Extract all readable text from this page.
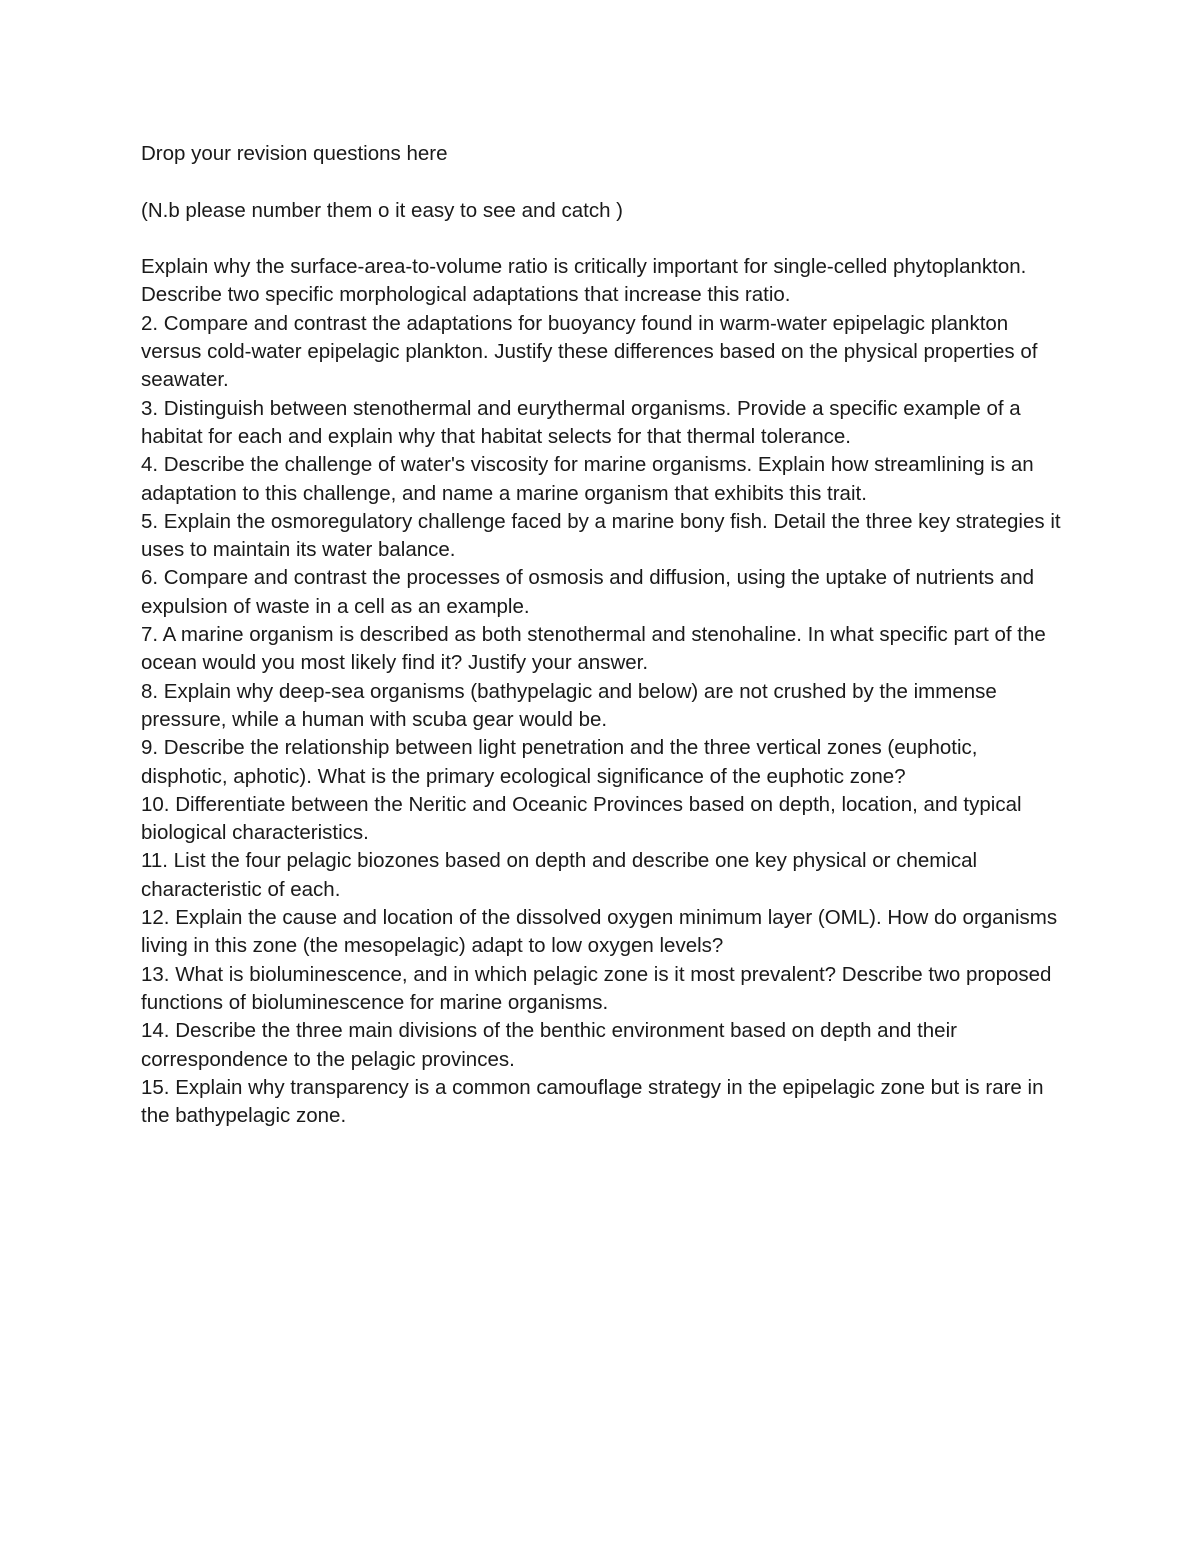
Drop your revision questions here

(N.b please number them o it easy to see and catch )

Explain why the surface-area-to-volume ratio is critically important for single-celled phytoplankton. Describe two specific morphological adaptations that increase this ratio.

2. Compare and contrast the adaptations for buoyancy found in warm-water epipelagic plankton versus cold-water epipelagic plankton. Justify these differences based on the physical properties of seawater.

3. Distinguish between stenothermal and eurythermal organisms. Provide a specific example of a habitat for each and explain why that habitat selects for that thermal tolerance.

4. Describe the challenge of water's viscosity for marine organisms. Explain how streamlining is an adaptation to this challenge, and name a marine organism that exhibits this trait.

5. Explain the osmoregulatory challenge faced by a marine bony fish. Detail the three key strategies it uses to maintain its water balance.

6. Compare and contrast the processes of osmosis and diffusion, using the uptake of nutrients and expulsion of waste in a cell as an example.

7. A marine organism is described as both stenothermal and stenohaline. In what specific part of the ocean would you most likely find it? Justify your answer.

8. Explain why deep-sea organisms (bathypelagic and below) are not crushed by the immense pressure, while a human with scuba gear would be.

9. Describe the relationship between light penetration and the three vertical zones (euphotic, disphotic, aphotic). What is the primary ecological significance of the euphotic zone?

10. Differentiate between the Neritic and Oceanic Provinces based on depth, location, and typical biological characteristics.

11. List the four pelagic biozones based on depth and describe one key physical or chemical characteristic of each.

12. Explain the cause and location of the dissolved oxygen minimum layer (OML). How do organisms living in this zone (the mesopelagic) adapt to low oxygen levels?

13. What is bioluminescence, and in which pelagic zone is it most prevalent? Describe two proposed functions of bioluminescence for marine organisms.

14. Describe the three main divisions of the benthic environment based on depth and their correspondence to the pelagic provinces.

15. Explain why transparency is a common camouflage strategy in the epipelagic zone but is rare in the bathypelagic zone.
